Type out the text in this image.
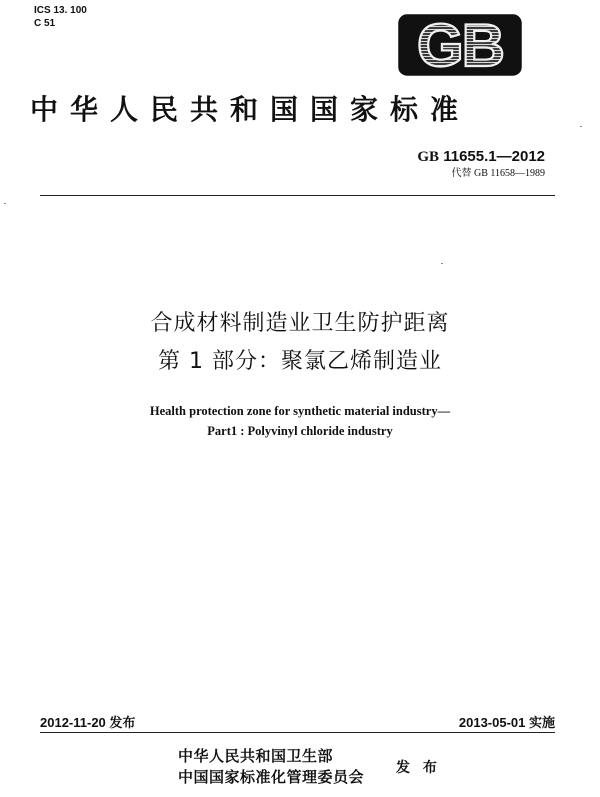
ICS 13. 100
C 51	GB
中华人民共和国国家标准
GB 11655.1—2012
代替 GB 11658—1989
合成材料制造业卫生防护距离
第 1 部分：聚氯乙烯制造业
Health protection zone for synthetic material industry—
Part1 : Polyvinyl chloride industry
2012-11-20 发布	2013-05-01 实施
中华人民共和国卫生部
中国国家标准化管理委员会 发 布
